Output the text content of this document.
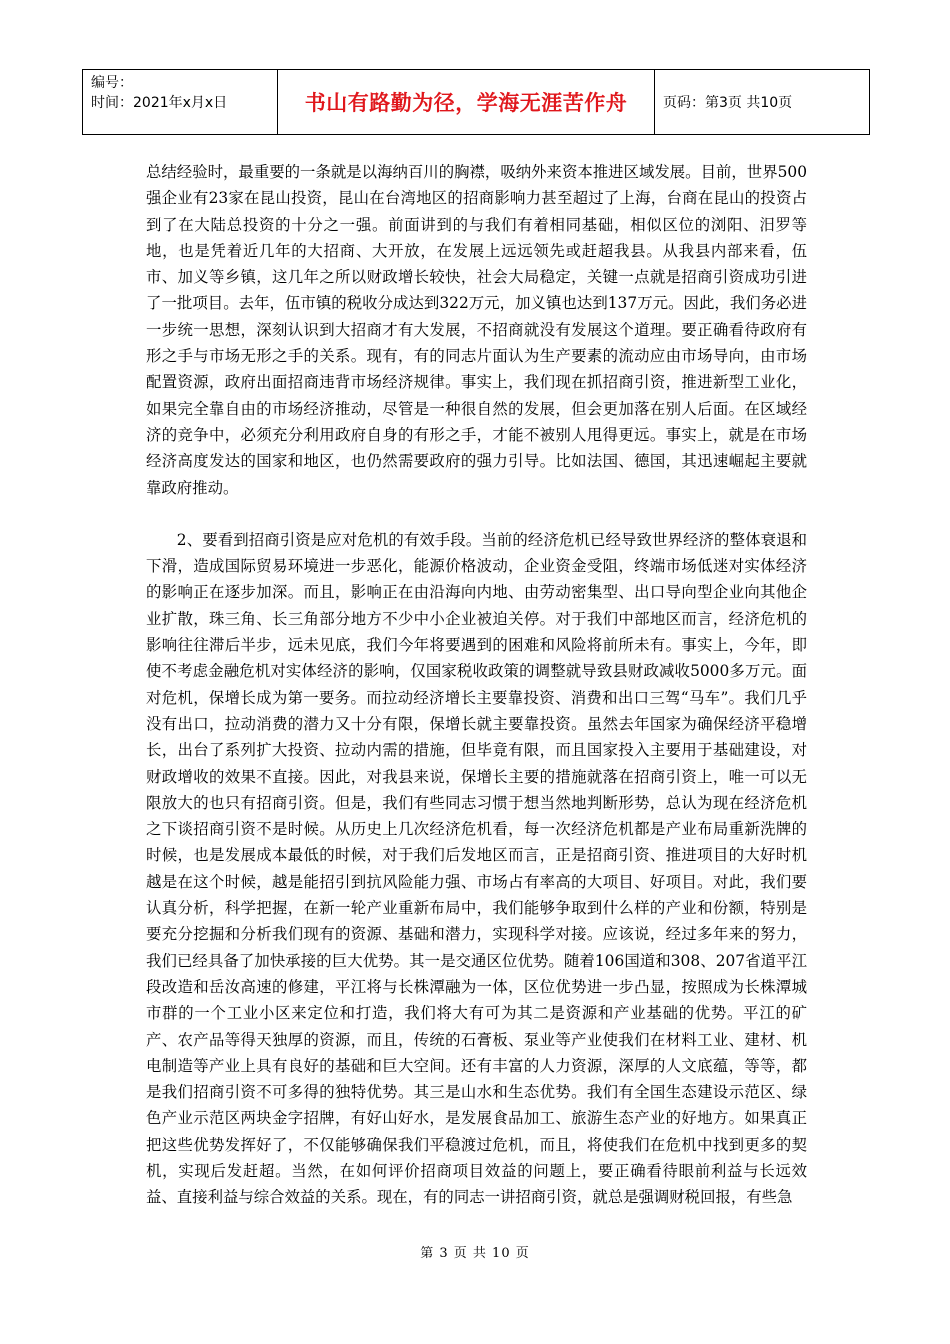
编号：
时间：2021年x月x日	书山有路勤为径，学海无涯苦作舟	页码：第3页 共10页

总结经验时，最重要的一条就是以海纳百川的胸襟，吸纳外来资本推进区域发展。目前，世界500强企业有23家在昆山投资，昆山在台湾地区的招商影响力甚至超过了上海，台商在昆山的投资占到了在大陆总投资的十分之一强。前面讲到的与我们有着相同基础，相似区位的浏阳、汨罗等地，也是凭着近几年的大招商、大开放，在发展上远远领先或赶超我县。从我县内部来看，伍市、加义等乡镇，这几年之所以财政增长较快，社会大局稳定，关键一点就是招商引资成功引进了一批项目。去年，伍市镇的税收分成达到322万元，加义镇也达到137万元。因此，我们务必进一步统一思想，深刻认识到大招商才有大发展，不招商就没有发展这个道理。要正确看待政府有形之手与市场无形之手的关系。现有，有的同志片面认为生产要素的流动应由市场导向，由市场配置资源，政府出面招商违背市场经济规律。事实上，我们现在抓招商引资，推进新型工业化，如果完全靠自由的市场经济推动，尽管是一种很自然的发展，但会更加落在别人后面。在区域经济的竞争中，必须充分利用政府自身的有形之手，才能不被别人甩得更远。事实上，就是在市场经济高度发达的国家和地区，也仍然需要政府的强力引导。比如法国、德国，其迅速崛起主要就靠政府推动。

2、要看到招商引资是应对危机的有效手段。当前的经济危机已经导致世界经济的整体衰退和下滑，造成国际贸易环境进一步恶化，能源价格波动，企业资金受阻，终端市场低迷对实体经济的影响正在逐步加深。而且，影响正在由沿海向内地、由劳动密集型、出口导向型企业向其他企业扩散，珠三角、长三角部分地方不少中小企业被迫关停。对于我们中部地区而言，经济危机的影响往往滞后半步，远未见底，我们今年将要遇到的困难和风险将前所未有。事实上，今年，即使不考虑金融危机对实体经济的影响，仅国家税收政策的调整就导致县财政减收5000多万元。面对危机，保增长成为第一要务。而拉动经济增长主要靠投资、消费和出口三驾“马车”。我们几乎没有出口，拉动消费的潜力又十分有限，保增长就主要靠投资。虽然去年国家为确保经济平稳增长，出台了系列扩大投资、拉动内需的措施，但毕竟有限，而且国家投入主要用于基础建设，对财政增收的效果不直接。因此，对我县来说，保增长主要的措施就落在招商引资上，唯一可以无限放大的也只有招商引资。但是，我们有些同志习惯于想当然地判断形势，总认为现在经济危机之下谈招商引资不是时候。从历史上几次经济危机看，每一次经济危机都是产业布局重新洗牌的时候，也是发展成本最低的时候，对于我们后发地区而言，正是招商引资、推进项目的大好时机越是在这个时候，越是能招引到抗风险能力强、市场占有率高的大项目、好项目。对此，我们要认真分析，科学把握，在新一轮产业重新布局中，我们能够争取到什么样的产业和份额，特别是要充分挖掘和分析我们现有的资源、基础和潜力，实现科学对接。应该说，经过多年来的努力，我们已经具备了加快承接的巨大优势。其一是交通区位优势。随着106国道和308、207省道平江段改造和岳汝高速的修建，平江将与长株潭融为一体，区位优势进一步凸显，按照成为长株潭城市群的一个工业小区来定位和打造，我们将大有可为其二是资源和产业基础的优势。平江的矿产、农产品等得天独厚的资源，而且，传统的石膏板、泵业等产业使我们在材料工业、建材、机电制造等产业上具有良好的基础和巨大空间。还有丰富的人力资源，深厚的人文底蕴，等等，都是我们招商引资不可多得的独特优势。其三是山水和生态优势。我们有全国生态建设示范区、绿色产业示范区两块金字招牌，有好山好水，是发展食品加工、旅游生态产业的好地方。如果真正把这些优势发挥好了，不仅能够确保我们平稳渡过危机，而且，将使我们在危机中找到更多的契机，实现后发赶超。当然，在如何评价招商项目效益的问题上，要正确看待眼前利益与长远效益、直接利益与综合效益的关系。现在，有的同志一讲招商引资，就总是强调财税回报，有些急

第 3 页 共 10 页
